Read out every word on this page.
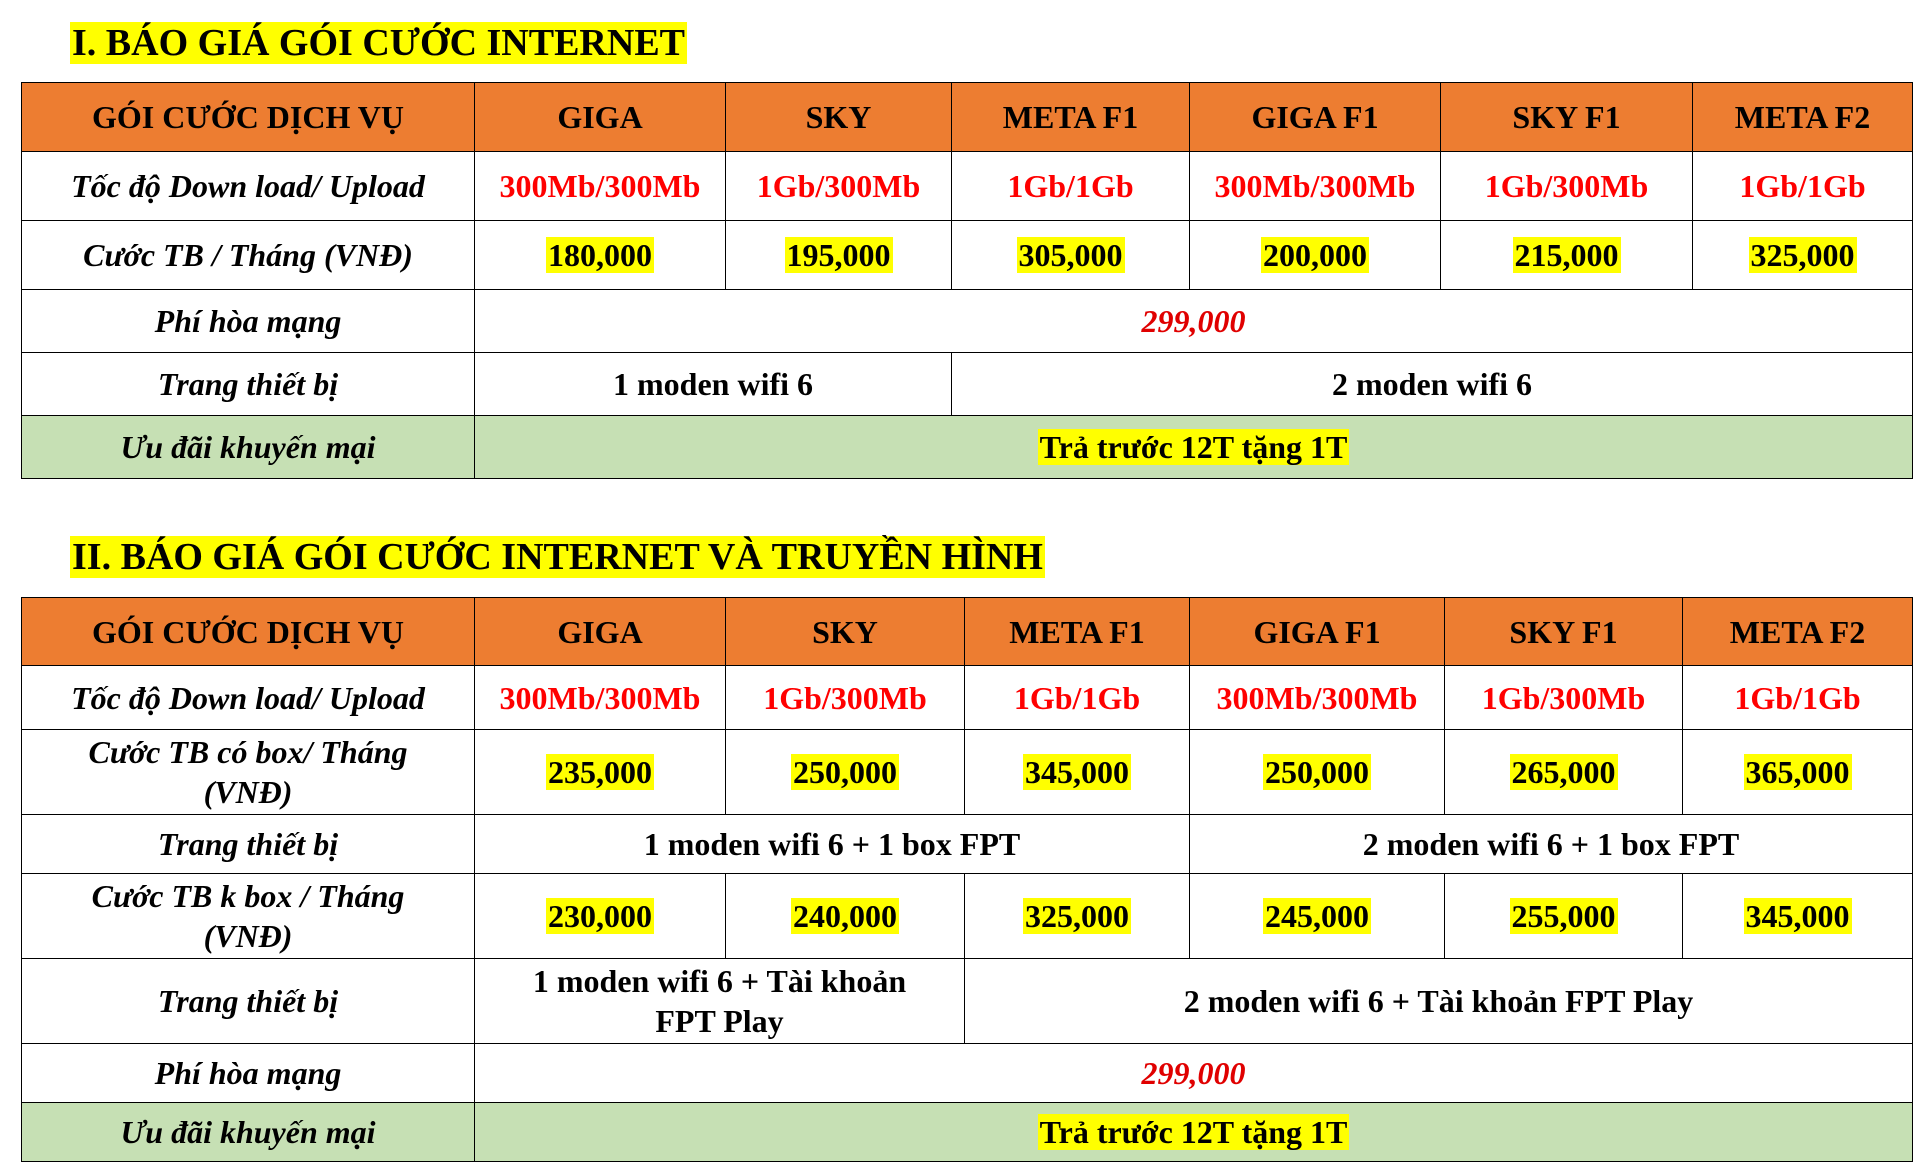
I. BÁO GIÁ GÓI CƯỚC INTERNET
GÓI CƯỚC DỊCH VỤ	GIGA	SKY	META F1	GIGA F1	SKY F1	META F2
Tốc độ Down load/ Upload	300Mb/300Mb	1Gb/300Mb	1Gb/1Gb	300Mb/300Mb	1Gb/300Mb	1Gb/1Gb
Cước TB / Tháng (VNĐ)	180,000	195,000	305,000	200,000	215,000	325,000
Phí hòa mạng	299,000					
Trang thiết bị	1 moden wifi 6		2 moden wifi 6			
Ưu đãi khuyến mại	Trả trước 12T tặng 1T					
II. BÁO GIÁ GÓI CƯỚC INTERNET VÀ TRUYỀN HÌNH
GÓI CƯỚC DỊCH VỤ	GIGA	SKY	META F1	GIGA F1	SKY F1	META F2
Tốc độ Down load/ Upload	300Mb/300Mb	1Gb/300Mb	1Gb/1Gb	300Mb/300Mb	1Gb/300Mb	1Gb/1Gb
Cước TB có box/ Tháng
(VNĐ)	235,000	250,000	345,000	250,000	265,000	365,000
Trang thiết bị	1 moden wifi 6 + 1 box FPT			2 moden wifi 6 + 1 box FPT		
Cước TB k box / Tháng
(VNĐ)	230,000	240,000	325,000	245,000	255,000	345,000
Trang thiết bị	1 moden wifi 6 + Tài khoản
FPT Play		2 moden wifi 6 + Tài khoản FPT Play			
Phí hòa mạng	299,000					
Ưu đãi khuyến mại	Trả trước 12T tặng 1T					
